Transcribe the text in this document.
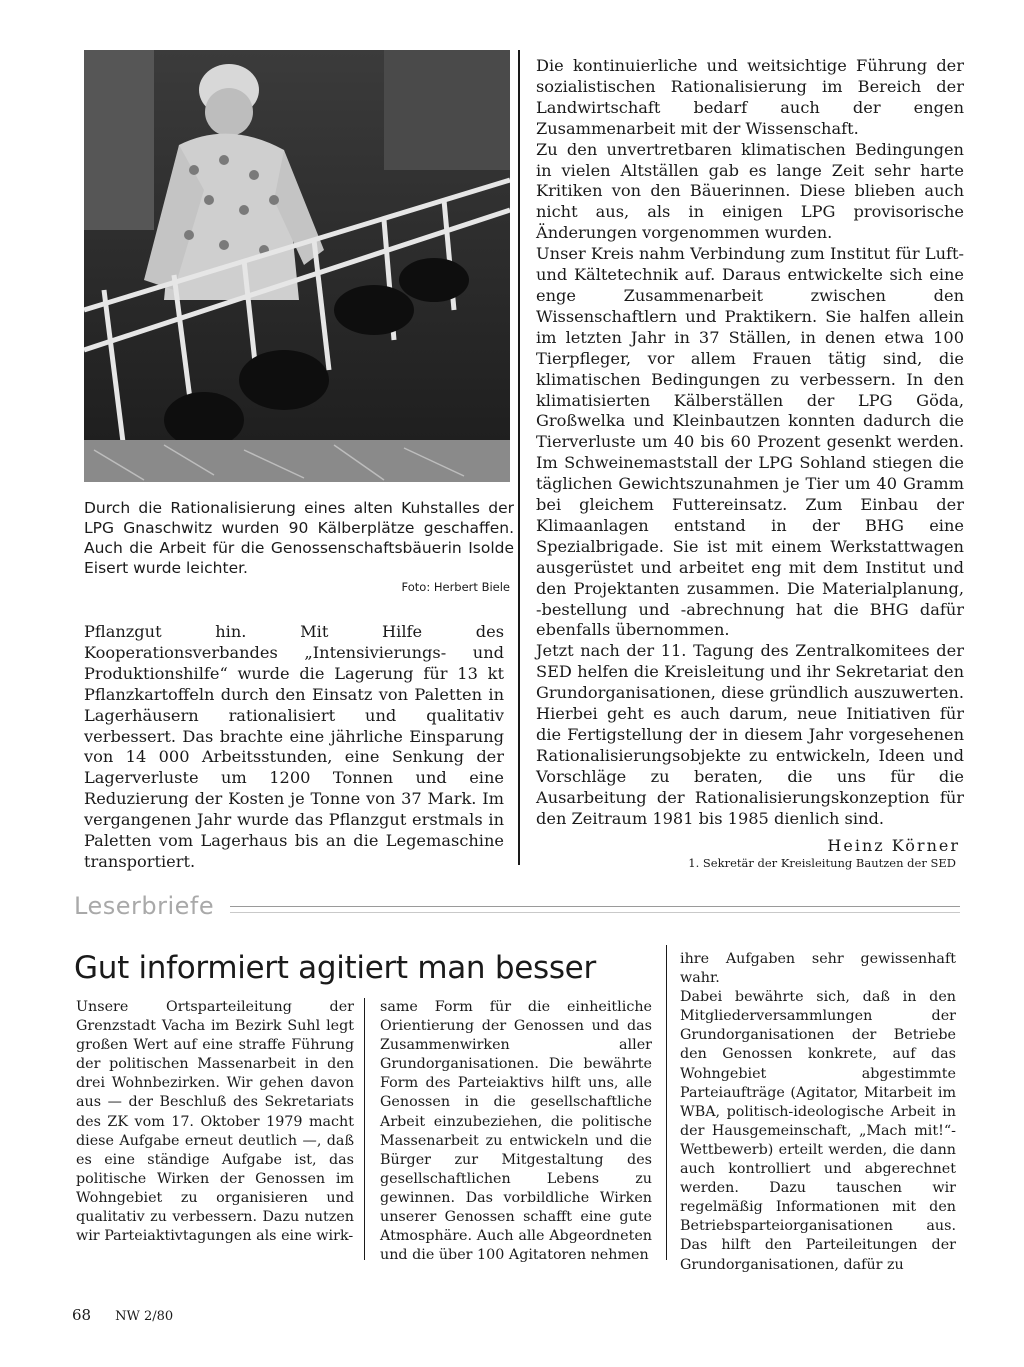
Durch die Rationalisierung eines alten Kuhstalles der LPG Gnaschwitz wurden 90 Kälberplätze geschaffen. Auch die Arbeit für die Genossenschaftsbäuerin Isolde Eisert wurde leichter.
Foto: Herbert Biele

Pflanzgut hin. Mit Hilfe des Kooperationsverbandes „Intensivierungs- und Produktionshilfe“ wurde die Lagerung für 13 kt Pflanzkartoffeln durch den Einsatz von Paletten in Lagerhäusern rationalisiert und qualitativ verbessert. Das brachte eine jährliche Einsparung von 14 000 Arbeitsstunden, eine Senkung der Lagerverluste um 1200 Tonnen und eine Reduzierung der Kosten je Tonne von 37 Mark. Im vergangenen Jahr wurde das Pflanzgut erstmals in Paletten vom Lagerhaus bis an die Legemaschine transportiert.

Die kontinuierliche und weitsichtige Führung der sozialistischen Rationalisierung im Bereich der Landwirtschaft bedarf auch der engen Zusammenarbeit mit der Wissenschaft.

Zu den unvertretbaren klimatischen Bedingungen in vielen Altställen gab es lange Zeit sehr harte Kritiken von den Bäuerinnen. Diese blieben auch nicht aus, als in einigen LPG provisorische Änderungen vorgenommen wurden.

Unser Kreis nahm Verbindung zum Institut für Luft- und Kältetechnik auf. Daraus entwickelte sich eine enge Zusammenarbeit zwischen den Wissenschaftlern und Praktikern. Sie halfen allein im letzten Jahr in 37 Ställen, in denen etwa 100 Tierpfleger, vor allem Frauen tätig sind, die klimatischen Bedingungen zu verbessern. In den klimatisierten Kälberställen der LPG Göda, Großwelka und Kleinbautzen konnten dadurch die Tierverluste um 40 bis 60 Prozent gesenkt werden. Im Schweinemaststall der LPG Sohland stiegen die täglichen Gewichtszunahmen je Tier um 40 Gramm bei gleichem Futtereinsatz. Zum Einbau der Klimaanlagen entstand in der BHG eine Spezialbrigade. Sie ist mit einem Werkstattwagen ausgerüstet und arbeitet eng mit dem Institut und den Projektanten zusammen. Die Materialplanung, -bestellung und -abrechnung hat die BHG dafür ebenfalls übernommen.

Jetzt nach der 11. Tagung des Zentralkomitees der SED helfen die Kreisleitung und ihr Sekretariat den Grundorganisationen, diese gründlich auszuwerten. Hierbei geht es auch darum, neue Initiativen für die Fertigstellung der in diesem Jahr vorgesehenen Rationalisierungsobjekte zu entwickeln, Ideen und Vorschläge zu beraten, die uns für die Ausarbeitung der Rationalisierungskonzeption für den Zeitraum 1981 bis 1985 dienlich sind.

Heinz Körner
1. Sekretär der Kreisleitung Bautzen der SED
Leserbriefe
Gut informiert agitiert man besser
Unsere Ortsparteileitung der Grenzstadt Vacha im Bezirk Suhl legt großen Wert auf eine straffe Führung der politischen Massenarbeit in den drei Wohnbezirken. Wir gehen davon aus — der Beschluß des Sekretariats des ZK vom 17. Oktober 1979 macht diese Aufgabe erneut deutlich —, daß es eine ständige Aufgabe ist, das politische Wirken der Genossen im Wohngebiet zu organisieren und qualitativ zu verbessern. Dazu nutzen wir Parteiaktivtagungen als eine wirk-
same Form für die einheitliche Orientierung der Genossen und das Zusammenwirken aller Grundorganisationen. Die bewährte Form des Parteiaktivs hilft uns, alle Genossen in die gesellschaftliche Arbeit einzubeziehen, die politische Massenarbeit zu entwickeln und die Bürger zur Mitgestaltung des gesellschaftlichen Lebens zu gewinnen. Das vorbildliche Wirken unserer Genossen schafft eine gute Atmosphäre. Auch alle Abgeordneten und die über 100 Agitatoren nehmen

ihre Aufgaben sehr gewissenhaft wahr.

Dabei bewährte sich, daß in den Mitgliederversammlungen der Grundorganisationen der Betriebe den Genossen konkrete, auf das Wohngebiet abgestimmte Parteiaufträge (Agitator, Mitarbeit im WBA, politisch-ideologische Arbeit in der Hausgemeinschaft, „Mach mit!“-Wettbewerb) erteilt werden, die dann auch kontrolliert und abgerechnet werden. Dazu tauschen wir regelmäßig Informationen mit den Betriebsparteiorganisationen aus. Das hilft den Parteileitungen der Grundorganisationen, dafür zu

68 NW 2/80
